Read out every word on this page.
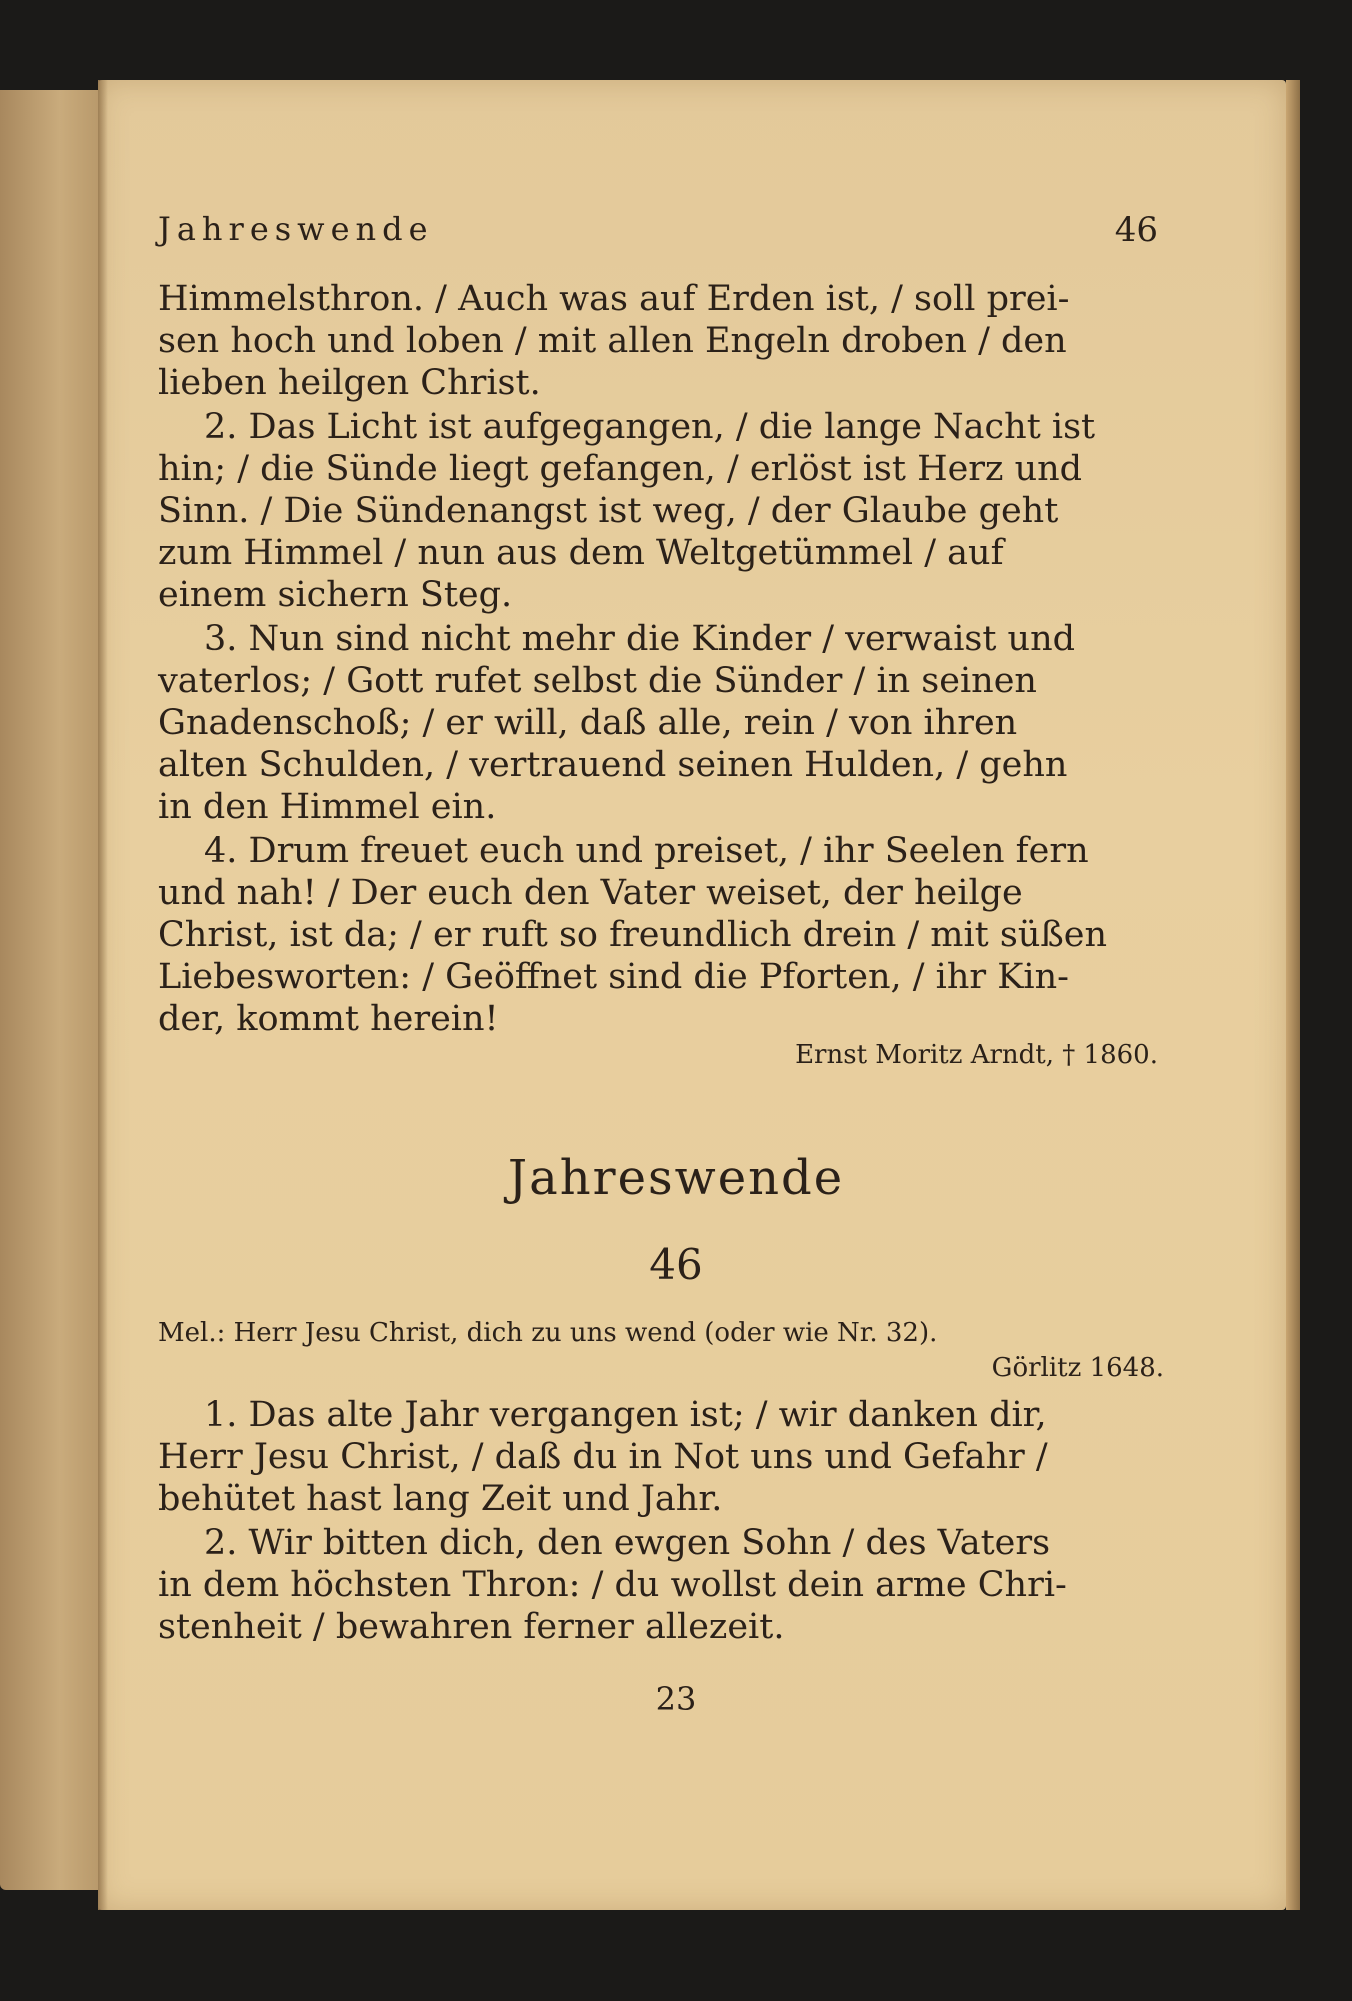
Jahreswende	46
Himmelsthron. / Auch was auf Erden ist, / soll prei-
sen hoch und loben / mit allen Engeln droben / den
lieben heilgen Christ.
2. Das Licht ist aufgegangen, / die lange Nacht ist
hin; / die Sünde liegt gefangen, / erlöst ist Herz und
Sinn. / Die Sündenangst ist weg, / der Glaube geht
zum Himmel / nun aus dem Weltgetümmel / auf
einem sichern Steg.
3. Nun sind nicht mehr die Kinder / verwaist und
vaterlos; / Gott rufet selbst die Sünder / in seinen
Gnadenschoß; / er will, daß alle, rein / von ihren
alten Schulden, / vertrauend seinen Hulden, / gehn
in den Himmel ein.
4. Drum freuet euch und preiset, / ihr Seelen fern
und nah! / Der euch den Vater weiset, der heilge
Christ, ist da; / er ruft so freundlich drein / mit süßen
Liebesworten: / Geöffnet sind die Pforten, / ihr Kin-
der, kommt herein!
Ernst Moritz Arndt, † 1860.
Jahreswende
46
Mel.: Herr Jesu Christ, dich zu uns wend (oder wie Nr. 32).
Görlitz 1648.
1. Das alte Jahr vergangen ist; / wir danken dir,
Herr Jesu Christ, / daß du in Not uns und Gefahr /
behütet hast lang Zeit und Jahr.
2. Wir bitten dich, den ewgen Sohn / des Vaters
in dem höchsten Thron: / du wollst dein arme Chri-
stenheit / bewahren ferner allezeit.
23
